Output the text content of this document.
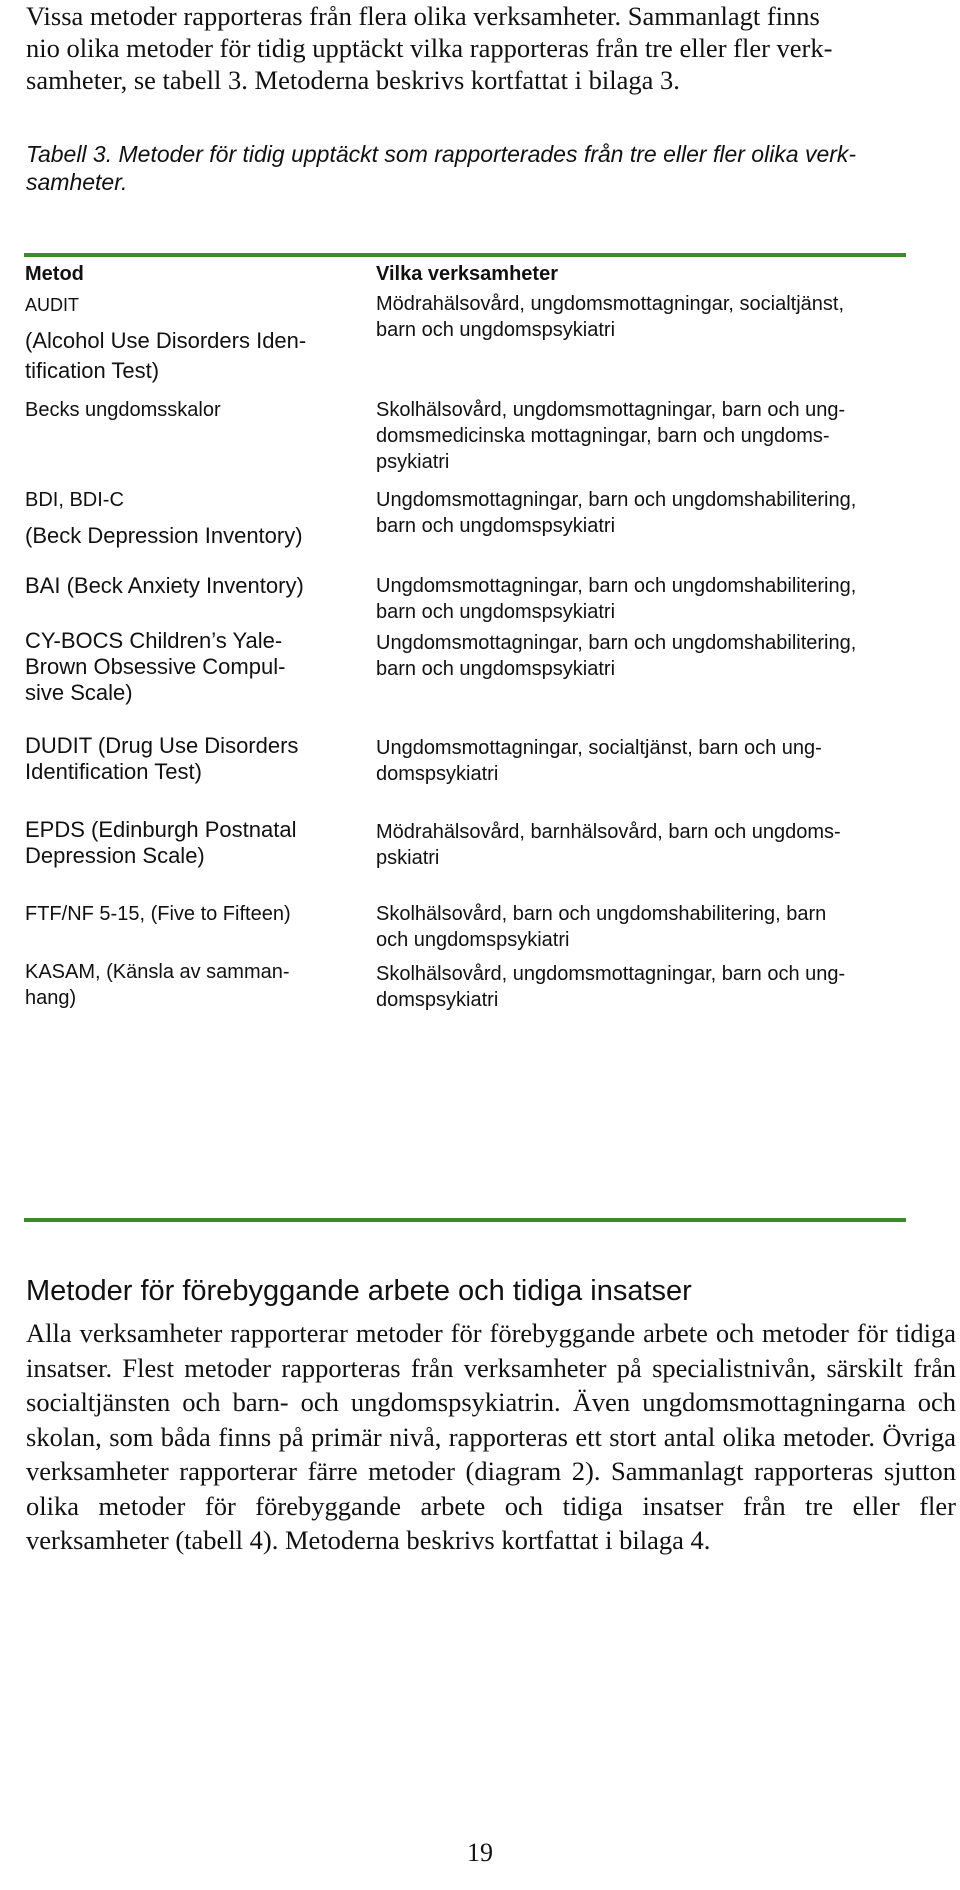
Vissa metoder rapporteras från flera olika verksamheter. Sammanlagt finns
nio olika metoder för tidig upptäckt vilka rapporteras från tre eller fler verk-
samheter, se tabell 3. Metoderna beskrivs kortfattat i bilaga 3.

Tabell 3. Metoder för tidig upptäckt som rapporterades från tre eller fler olika verk-
samheter.

Metod	Vilka verksamheter

AUDIT
(Alcohol Use Disorders Iden-
tification Test)	Mödrahälsovård, ungdomsmottagningar, socialtjänst,
barn och ungdomspsykiatri
Becks ungdomsskalor	Skolhälsovård, ungdomsmottagningar, barn och ung-
domsmedicinska mottagningar, barn och ungdoms-
psykiatri

BDI, BDI-C
(Beck Depression Inventory)	Ungdomsmottagningar, barn och ungdomshabilitering,
barn och ungdomspsykiatri
BAI (Beck Anxiety Inventory)	Ungdomsmottagningar, barn och ungdomshabilitering,
barn och ungdomspsykiatri
CY-BOCS Children’s Yale-
Brown Obsessive Compul-
sive Scale)	Ungdomsmottagningar, barn och ungdomshabilitering,
barn och ungdomspsykiatri
DUDIT (Drug Use Disorders
Identification Test)	Ungdomsmottagningar, socialtjänst, barn och ung-
domspsykiatri
EPDS (Edinburgh Postnatal
Depression Scale)	Mödrahälsovård, barnhälsovård, barn och ungdoms-
pskiatri
FTF/NF 5-15, (Five to Fifteen)	Skolhälsovård, barn och ungdomshabilitering, barn
och ungdomspsykiatri
KASAM, (Känsla av samman-
hang)	Skolhälsovård, ungdomsmottagningar, barn och ung-
domspsykiatri
Metoder för förebyggande arbete och tidiga insatser

Alla verksamheter rapporterar metoder för förebyggande arbete och metoder för tidiga insatser. Flest metoder rapporteras från verksamheter på specialistnivån, särskilt från socialtjänsten och barn- och ungdomspsykiatrin. Även ungdomsmottagningarna och skolan, som båda finns på primär nivå, rapporteras ett stort antal olika metoder. Övriga verksamheter rapporterar färre metoder (diagram 2). Sammanlagt rapporteras sjutton olika metoder för förebyggande arbete och tidiga insatser från tre eller fler verksamheter (tabell 4). Metoderna beskrivs kortfattat i bilaga 4.

19
